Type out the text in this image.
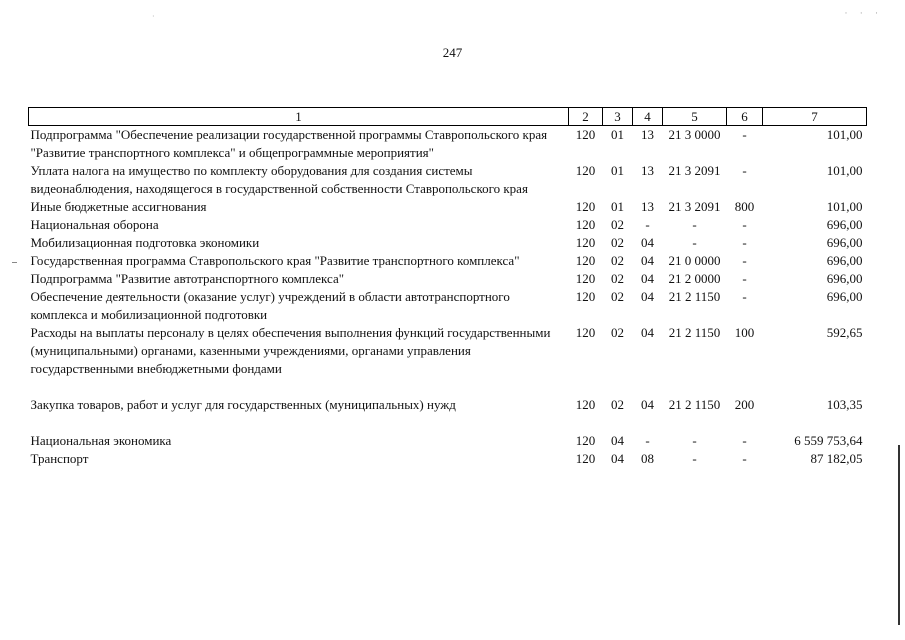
· · ·
·
247
1	2	3	4	5	6	7
Подпрограмма "Обеспечение реализации государственной программы Ставропольского края "Развитие транспортного комплекса" и общепрограммные мероприятия"	120	01	13	21 3 0000	-	101,00
Уплата налога на имущество по комплекту оборудования для создания системы видеонаблюдения, находящегося в государственной собственности Ставропольского края	120	01	13	21 3 2091	-	101,00
Иные бюджетные ассигнования	120	01	13	21 3 2091	800	101,00
Национальная оборона	120	02	-	-	-	696,00
Мобилизационная подготовка экономики	120	02	04	-	-	696,00
Государственная программа Ставропольского края "Развитие транспортного комплекса"	120	02	04	21 0 0000	-	696,00
Подпрограмма "Развитие автотранспортного комплекса"	120	02	04	21 2 0000	-	696,00
Обеспечение деятельности (оказание услуг) учреждений в области автотранспортного комплекса и мобилизационной подготовки	120	02	04	21 2 1150	-	696,00
Расходы на выплаты персоналу в целях обеспечения выполнения функций государственными (муниципальными) органами, казенными учреждениями, органами управления государственными внебюджетными фондами	120	02	04	21 2 1150	100	592,65
Закупка товаров, работ и услуг для государственных (муниципальных) нужд	120	02	04	21 2 1150	200	103,35
Национальная экономика	120	04	-	-	-	6 559 753,64
Транспорт	120	04	08	-	-	87 182,05
